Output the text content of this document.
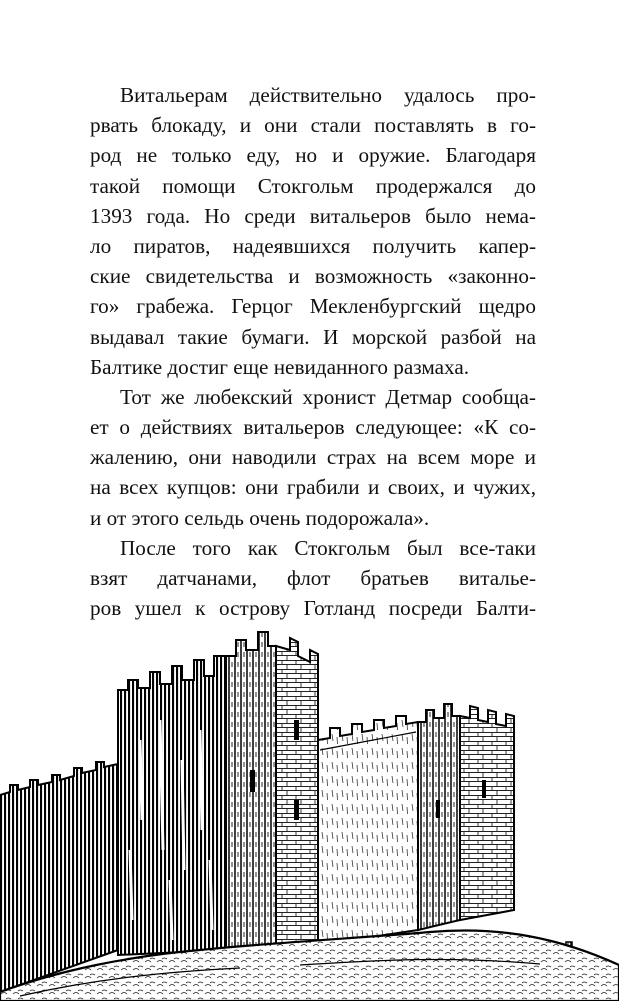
Витальерам действительно удалось про-
рвать блокаду, и они стали поставлять в го-
род не только еду, но и оружие. Благодаря
такой помощи Стокгольм продержался до
1393 года. Но среди витальеров было нема-
ло пиратов, надеявшихся получить капер-
ские свидетельства и возможность «законно-
го» грабежа. Герцог Мекленбургский щедро
выдавал такие бумаги. И морской разбой на
Балтике достиг еще невиданного размаха.
Тот же любекский хронист Детмар сообща-
ет о действиях витальеров следующее: «К со-
жалению, они наводили страх на всем море и
на всех купцов: они грабили и своих, и чужих,
и от этого сельдь очень подорожала».
После того как Стокгольм был все-таки
взят датчанами, флот братьев виталье-
ров ушел к острову Готланд посреди Балти-
